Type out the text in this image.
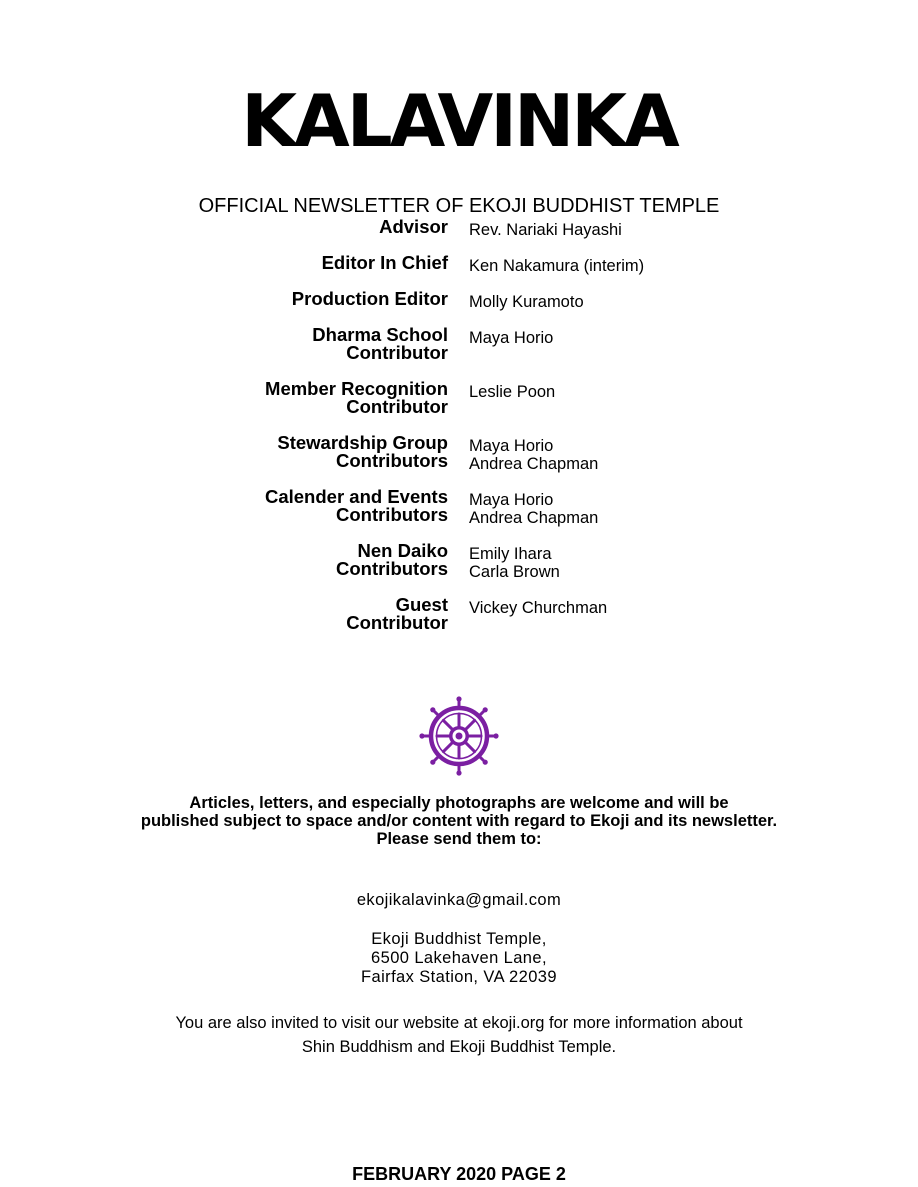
KALAVINKA
OFFICIAL NEWSLETTER OF EKOJI BUDDHIST TEMPLE
Advisor Rev. Nariaki Hayashi
Editor In Chief Ken Nakamura (interim)
Production Editor Molly Kuramoto
Dharma School
Contributor
Maya Horio
Member Recognition
Contributor
Leslie Poon
Stewardship Group
Contributors
Maya Horio
Andrea Chapman
Calender and Events
Contributors
Maya Horio
Andrea Chapman
Nen Daiko
Contributors
Emily Ihara
Carla Brown
Guest
Contributor
Vickey Churchman
Articles, letters, and especially photographs are welcome and will be
published subject to space and/or content with regard to Ekoji and its newsletter.
Please send them to:
ekojikalavinka@gmail.com
Ekoji Buddhist Temple,
6500 Lakehaven Lane,
Fairfax Station, VA 22039
You are also invited to visit our website at ekoji.org for more information about
Shin Buddhism and Ekoji Buddhist Temple.
FEBRUARY 2020 PAGE 2
